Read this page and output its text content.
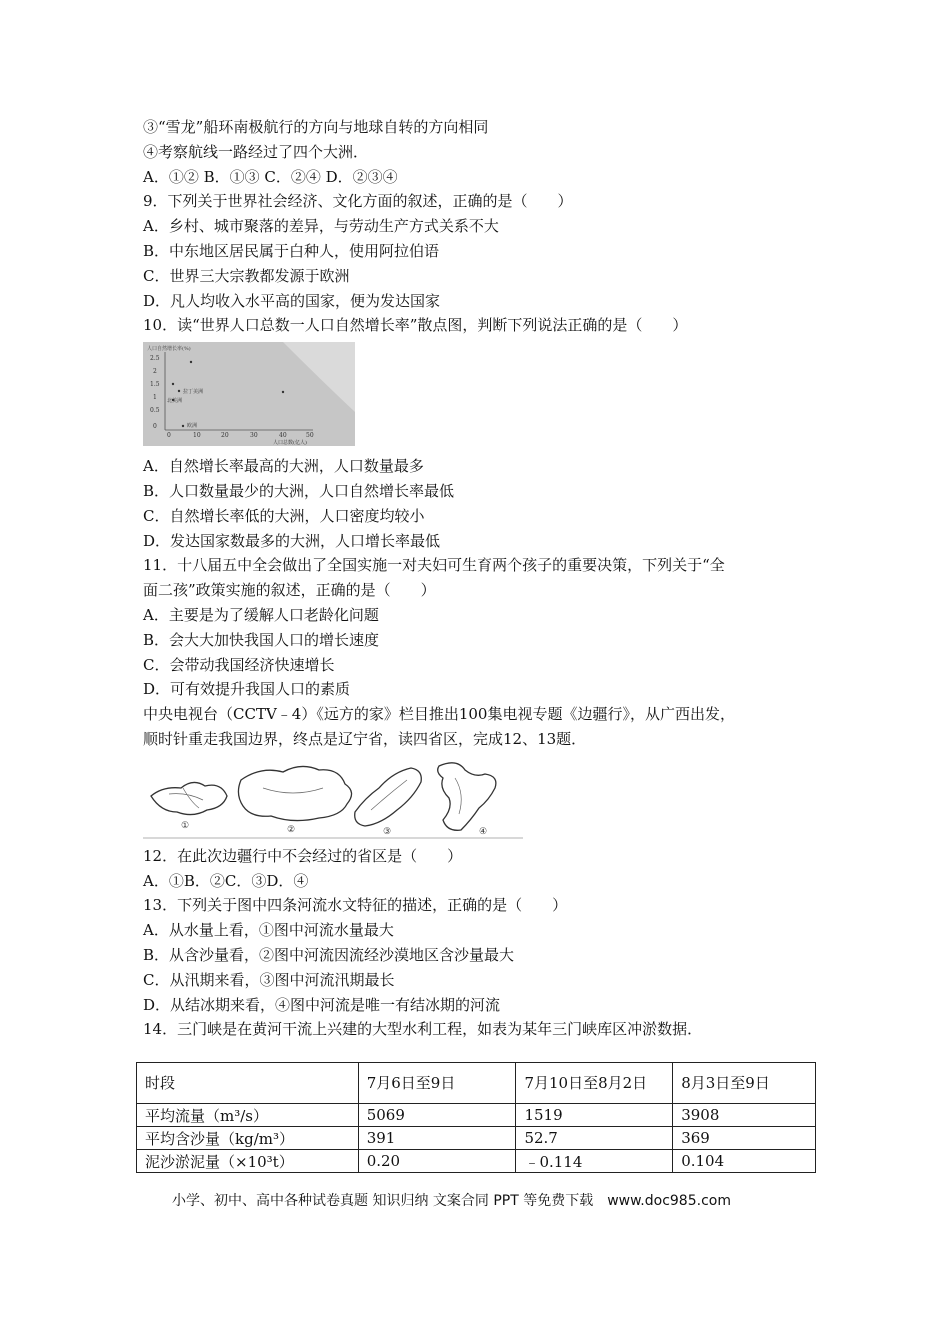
③“雪龙”船环南极航行的方向与地球自转的方向相同
④考察航线一路经过了四个大洲．
A．①② B．①③ C．②④ D．②③④
9．下列关于世界社会经济、文化方面的叙述，正确的是（　　）
A．乡村、城市聚落的差异，与劳动生产方式关系不大
B．中东地区居民属于白种人，使用阿拉伯语
C．世界三大宗教都发源于欧洲
D．凡人均收入水平高的国家，便为发达国家
10．读“世界人口总数一人口自然增长率”散点图，判断下列说法正确的是（　　）
人口自然增长率(%)
2.5
2
1.5
1
0.5
0
0	10	20	30	40	50
人口总数(亿人)
拉丁美洲
北美洲
欧洲
A．自然增长率最高的大洲，人口数量最多
B．人口数量最少的大洲，人口自然增长率最低
C．自然增长率低的大洲，人口密度均较小
D．发达国家数最多的大洲，人口增长率最低
11．十八届五中全会做出了全国实施一对夫妇可生育两个孩子的重要决策，下列关于“全
面二孩”政策实施的叙述，正确的是（　　）
A．主要是为了缓解人口老龄化问题
B．会大大加快我国人口的增长速度
C．会带动我国经济快速增长
D．可有效提升我国人口的素质
中央电视台（CCTV﹣4）《远方的家》栏目推出100集电视专题《边疆行》，从广西出发，
顺时针重走我国边界，终点是辽宁省，读四省区，完成12、13题．
①	②	③	④
12．在此次边疆行中不会经过的省区是（　　）
A．①B．②C．③D．④
13．下列关于图中四条河流水文特征的描述，正确的是（　　）
A．从水量上看，①图中河流水量最大
B．从含沙量看，②图中河流因流经沙漠地区含沙量最大
C．从汛期来看，③图中河流汛期最长
D．从结冰期来看，④图中河流是唯一有结冰期的河流
14．三门峡是在黄河干流上兴建的大型水利工程，如表为某年三门峡库区冲淤数据．
时段	7月6日至9日	7月10日至8月2日	8月3日至9日
平均流量（m³/s）	5069	1519	3908
平均含沙量（kg/m³）	391	52.7	369
泥沙淤泥量（×10³t）	0.20	﹣0.114	0.104
小学、初中、高中各种试卷真题 知识归纳 文案合同 PPT 等免费下载　www.doc985.com
